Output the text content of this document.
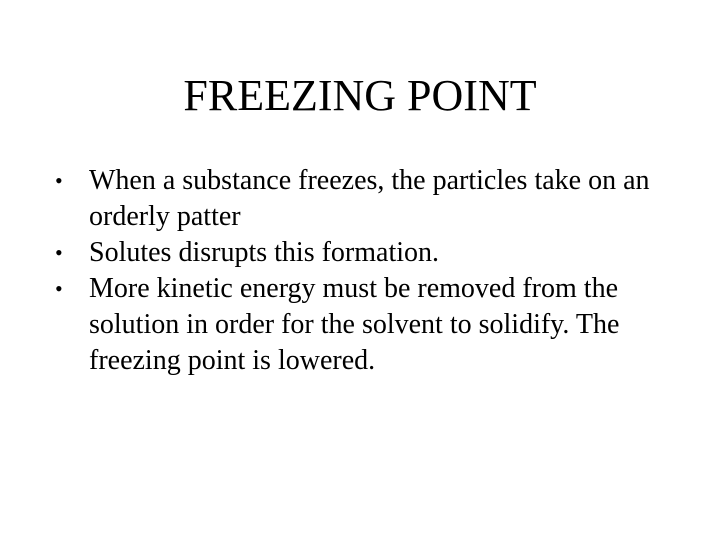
FREEZING POINT
• When a substance freezes, the particles take on an orderly patter
• Solutes disrupts this formation.
• More kinetic energy must be removed from the solution in order for the solvent to solidify. The freezing point is lowered.
